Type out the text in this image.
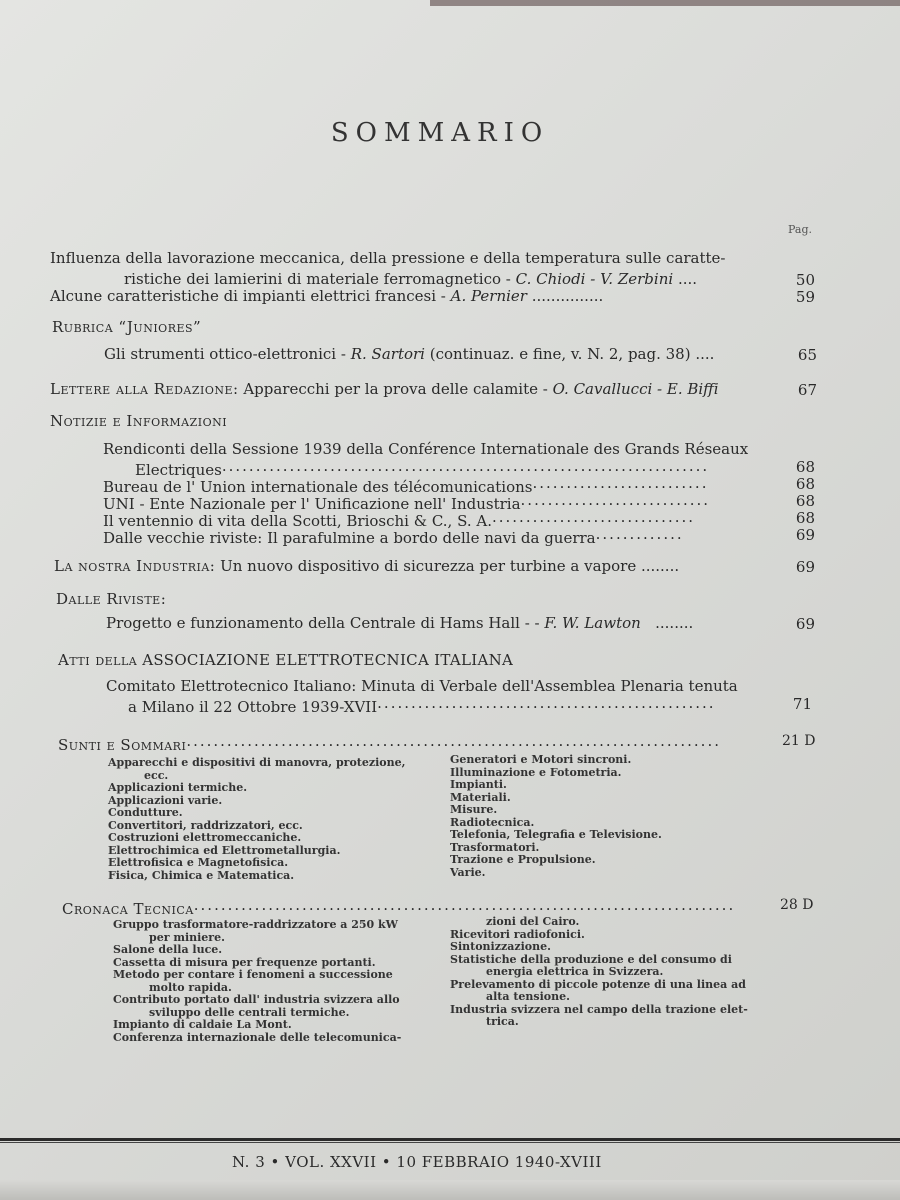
SOMMARIO
Pag.
Influenza della lavorazione meccanica, della pressione e della temperatura sulle caratte-
ristiche dei lamierini di materiale ferromagnetico - C. Chiodi - V. Zerbini ....	50
Alcune caratteristiche di impianti elettrici francesi - A. Pernier ...............	59
Rubrica “Juniores”
Gli strumenti ottico-elettronici - R. Sartori (continuaz. e fine, v. N. 2, pag. 38) ....	65
Lettere alla Redazione: Apparecchi per la prova delle calamite - O. Cavallucci - E. Biffi	67
Notizie e Informazioni
Rendiconti della Sessione 1939 della Conférence Internationale des Grands Réseaux
Electriques........................................................................	68
Bureau de l' Union internationale des télécomunications..........................	68
UNI - Ente Nazionale per l' Unificazione nell' Industria............................	68
Il ventennio di vita della Scotti, Brioschi & C., S. A...............................	68
Dalle vecchie riviste: Il parafulmine a bordo delle navi da guerra.............	69
La nostra Industria: Un nuovo dispositivo di sicurezza per turbine a vapore ........	69
Dalle Riviste:
Progetto e funzionamento della Centrale di Hams Hall - - F. W. Lawton   ........	69
Atti della ASSOCIAZIONE ELETTROTECNICA ITALIANA
Comitato Elettrotecnico Italiano: Minuta di Verbale dell'Assemblea Plenaria tenuta
a Milano il 22 Ottobre 1939-XVII..................................................	71
Sunti e Sommari...............................................................................	21 D
Apparecchi e dispositivi di manovra, protezione,
ecc.
Applicazioni termiche.
Applicazioni varie.
Condutture.
Convertitori, raddrizzatori, ecc.
Costruzioni elettromeccaniche.
Elettrochimica ed Elettrometallurgia.
Elettrofisica e Magnetofisica.
Fisica, Chimica e Matematica.
Generatori e Motori sincroni.
Illuminazione e Fotometria.
Impianti.
Materiali.
Misure.
Radiotecnica.
Telefonia, Telegrafia e Televisione.
Trasformatori.
Trazione e Propulsione.
Varie.
Cronaca Tecnica................................................................................	28 D
Gruppo trasformatore-raddrizzatore a 250 kW
per miniere.
Salone della luce.
Cassetta di misura per frequenze portanti.
Metodo per contare i fenomeni a successione
molto rapida.
Contributo portato dall' industria svizzera allo
sviluppo delle centrali termiche.
Impianto di caldaie La Mont.
Conferenza internazionale delle telecomunica-
zioni del Cairo.
Ricevitori radiofonici.
Sintonizzazione.
Statistiche della produzione e del consumo di
energia elettrica in Svizzera.
Prelevamento di piccole potenze di una linea ad
alta tensione.
Industria svizzera nel campo della trazione elet-
trica.
N. 3 • VOL. XXVII • 10 FEBBRAIO 1940-XVIII
